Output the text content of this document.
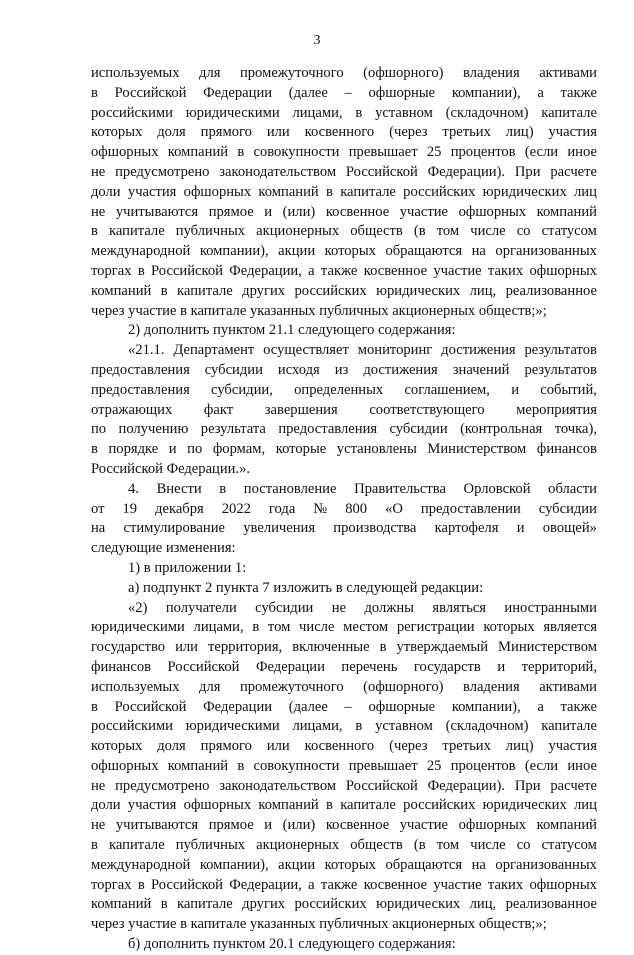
3
используемых для промежуточного (офшорного) владения активами
в Российской Федерации (далее – офшорные компании), а также
российскими юридическими лицами, в уставном (складочном) капитале
которых доля прямого или косвенного (через третьих лиц) участия
офшорных компаний в совокупности превышает 25 процентов (если иное
не предусмотрено законодательством Российской Федерации). При расчете
доли участия офшорных компаний в капитале российских юридических лиц
не учитываются прямое и (или) косвенное участие офшорных компаний
в капитале публичных акционерных обществ (в том числе со статусом
международной компании), акции которых обращаются на организованных
торгах в Российской Федерации, а также косвенное участие таких офшорных
компаний в капитале других российских юридических лиц, реализованное
через участие в капитале указанных публичных акционерных обществ;»;
2) дополнить пунктом 21.1 следующего содержания:
«21.1. Департамент осуществляет мониторинг достижения результатов
предоставления субсидии исходя из достижения значений результатов
предоставления субсидии, определенных соглашением, и событий,
отражающих факт завершения соответствующего мероприятия
по получению результата предоставления субсидии (контрольная точка),
в порядке и по формам, которые установлены Министерством финансов
Российской Федерации.».
4. Внести в постановление Правительства Орловской области
от 19 декабря 2022 года № 800 «О предоставлении субсидии
на стимулирование увеличения производства картофеля и овощей»
следующие изменения:
1) в приложении 1:
а) подпункт 2 пункта 7 изложить в следующей редакции:
«2) получатели субсидии не должны являться иностранными
юридическими лицами, в том числе местом регистрации которых является
государство или территория, включенные в утверждаемый Министерством
финансов Российской Федерации перечень государств и территорий,
используемых для промежуточного (офшорного) владения активами
в Российской Федерации (далее – офшорные компании), а также
российскими юридическими лицами, в уставном (складочном) капитале
которых доля прямого или косвенного (через третьих лиц) участия
офшорных компаний в совокупности превышает 25 процентов (если иное
не предусмотрено законодательством Российской Федерации). При расчете
доли участия офшорных компаний в капитале российских юридических лиц
не учитываются прямое и (или) косвенное участие офшорных компаний
в капитале публичных акционерных обществ (в том числе со статусом
международной компании), акции которых обращаются на организованных
торгах в Российской Федерации, а также косвенное участие таких офшорных
компаний в капитале других российских юридических лиц, реализованное
через участие в капитале указанных публичных акционерных обществ;»;
б) дополнить пунктом 20.1 следующего содержания:
